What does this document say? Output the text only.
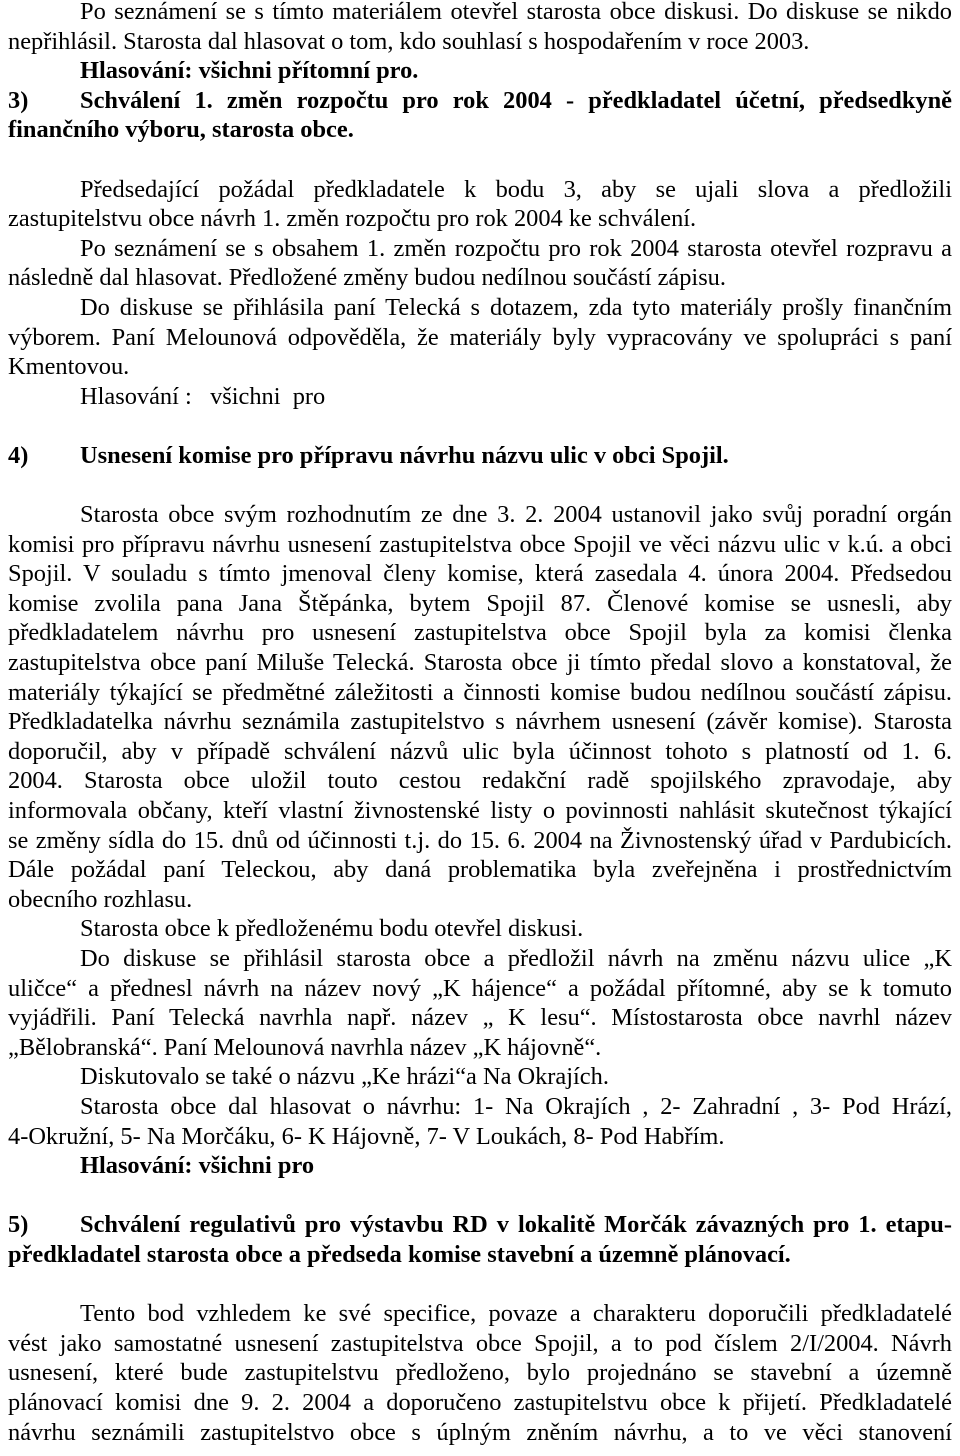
Po seznámení se s tímto materiálem otevřel starosta obce diskusi. Do diskuse se nikdo
nepřihlásil. Starosta dal hlasovat o tom, kdo souhlasí s hospodařením v roce 2003.
Hlasování: všichni přítomní pro.
3)	Schválení 1. změn rozpočtu pro rok 2004 - předkladatel účetní, předsedkyně
finančního výboru, starosta obce.
Předsedající požádal předkladatele k bodu 3, aby se ujali slova a předložili
zastupitelstvu obce návrh 1. změn rozpočtu pro rok 2004 ke schválení.
Po seznámení se s obsahem 1. změn rozpočtu pro rok 2004 starosta otevřel rozpravu a
následně dal hlasovat. Předložené změny budou nedílnou součástí zápisu.
Do diskuse se přihlásila paní Telecká s dotazem, zda tyto materiály prošly finančním
výborem. Paní Melounová odpověděla, že materiály byly vypracovány ve spolupráci s paní
Kmentovou.
Hlasování :   všichni  pro
4)	Usnesení komise pro přípravu návrhu názvu ulic v obci Spojil.
Starosta obce svým rozhodnutím ze dne 3. 2. 2004 ustanovil jako svůj poradní orgán
komisi pro přípravu návrhu usnesení zastupitelstva obce Spojil ve věci názvu ulic v k.ú. a obci
Spojil. V souladu s tímto jmenoval členy komise, která zasedala 4. února 2004. Předsedou
komise zvolila pana Jana Štěpánka, bytem Spojil 87. Členové komise se usnesli, aby
předkladatelem návrhu pro usnesení zastupitelstva obce Spojil byla za komisi členka
zastupitelstva obce paní Miluše Telecká. Starosta obce ji tímto předal slovo a konstatoval, že
materiály týkající se předmětné záležitosti a činnosti komise budou nedílnou součástí zápisu.
Předkladatelka návrhu seznámila zastupitelstvo s návrhem usnesení (závěr komise). Starosta
doporučil, aby v případě schválení názvů ulic byla účinnost tohoto s platností od 1. 6.
2004. Starosta obce uložil touto cestou redakční radě spojilského zpravodaje, aby
informovala občany, kteří vlastní živnostenské listy o povinnosti nahlásit skutečnost týkající
se změny sídla do 15. dnů od účinnosti t.j. do 15. 6. 2004 na Živnostenský úřad v Pardubicích.
Dále požádal paní Teleckou, aby daná problematika byla zveřejněna i prostřednictvím
obecního rozhlasu.
Starosta obce k předloženému bodu otevřel diskusi.
Do diskuse se přihlásil starosta obce a předložil návrh na změnu názvu ulice „K
uličce“ a přednesl návrh na název nový „K hájence“ a požádal přítomné, aby se k tomuto
vyjádřili. Paní Telecká navrhla např. název „ K lesu“. Místostarosta obce navrhl název
„Bělobranská“. Paní Melounová navrhla název „K hájovně“.
Diskutovalo se také o názvu „Ke hrázi“a Na Okrajích.
Starosta obce dal hlasovat o návrhu: 1- Na Okrajích , 2- Zahradní , 3- Pod Hrází,
4-Okružní, 5- Na Morčáku, 6- K Hájovně, 7- V Loukách, 8- Pod Habřím.
Hlasování: všichni pro
5)	Schválení regulativů pro výstavbu RD v lokalitě Morčák závazných pro 1. etapu-
předkladatel starosta obce a předseda komise stavební a územně plánovací.
Tento bod vzhledem ke své specifice, povaze a charakteru doporučili předkladatelé
vést jako samostatné usnesení zastupitelstva obce Spojil, a to pod číslem 2/I/2004. Návrh
usnesení, které bude zastupitelstvu předloženo, bylo projednáno se stavební a územně
plánovací komisi dne 9. 2. 2004 a doporučeno zastupitelstvu obce k přijetí. Předkladatelé
návrhu seznámili zastupitelstvo obce s úplným zněním návrhu, a to ve věci stanovení
